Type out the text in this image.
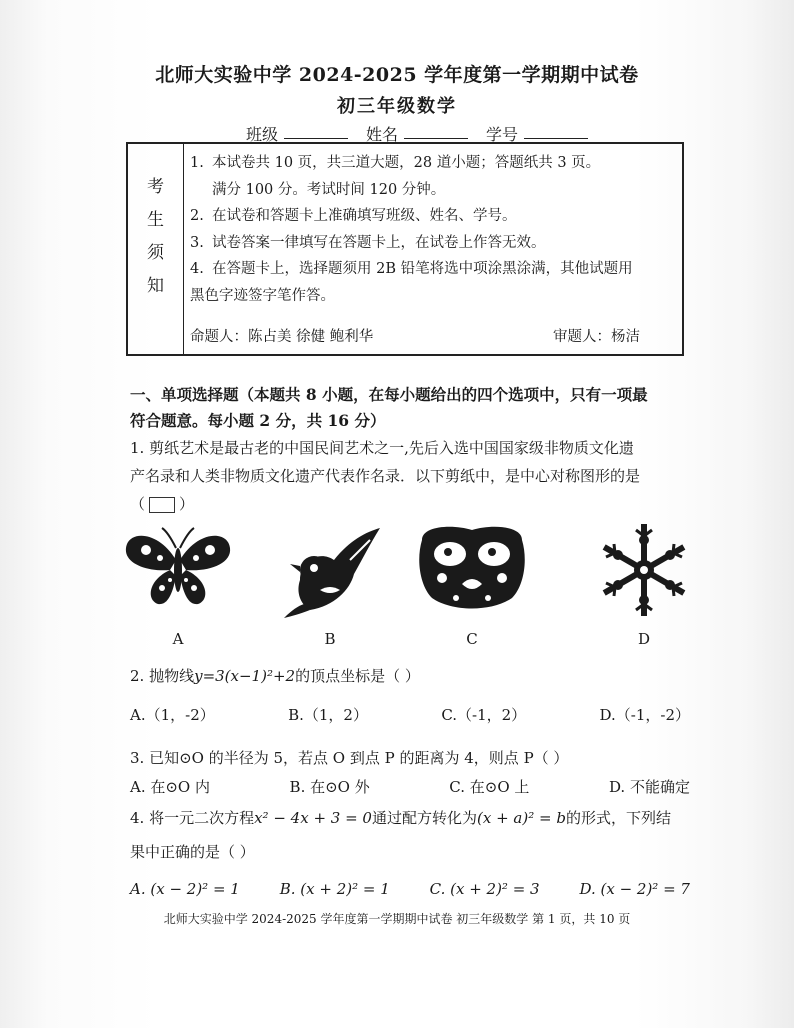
北师大实验中学 2024-2025 学年度第一学期期中试卷
初三年级数学
班级	姓名	学号
考
生
须
知
1. 本试卷共 10 页，共三道大题，28 道小题；答题纸共 3 页。
满分 100 分。考试时间 120 分钟。
2. 在试卷和答题卡上准确填写班级、姓名、学号。
3. 试卷答案一律填写在答题卡上，在试卷上作答无效。
4. 在答题卡上，选择题须用 2B 铅笔将选中项涂黑涂满，其他试题用
黑色字迹签字笔作答。
命题人：陈占美 徐健 鲍利华	审题人：杨洁
一、单项选择题（本题共 8 小题，在每小题给出的四个选项中，只有一项最
符合题意。每小题 2 分，共 16 分）
1. 剪纸艺术是最古老的中国民间艺术之一,先后入选中国国家级非物质文化遗
产名录和人类非物质文化遗产代表作名录．以下剪纸中，是中心对称图形的是
（ ）
A	B	C	D
2. 抛物线y=3(x−1)²+2的顶点坐标是（ ）
A.（1，-2）	B.（1，2）	C.（-1，2）	D.（-1，-2）
3. 已知⊙O 的半径为 5，若点 O 到点 P 的距离为 4，则点 P（ ）
A. 在⊙O 内	B. 在⊙O 外	C. 在⊙O 上	D. 不能确定
4. 将一元二次方程x² − 4x + 3 = 0通过配方转化为(x + a)² = b的形式，下列结
果中正确的是（ ）
A. (x − 2)² = 1	B. (x + 2)² = 1	C. (x + 2)² = 3	D. (x − 2)² = 7
北师大实验中学 2024-2025 学年度第一学期期中试卷 初三年级数学 第 1 页，共 10 页
